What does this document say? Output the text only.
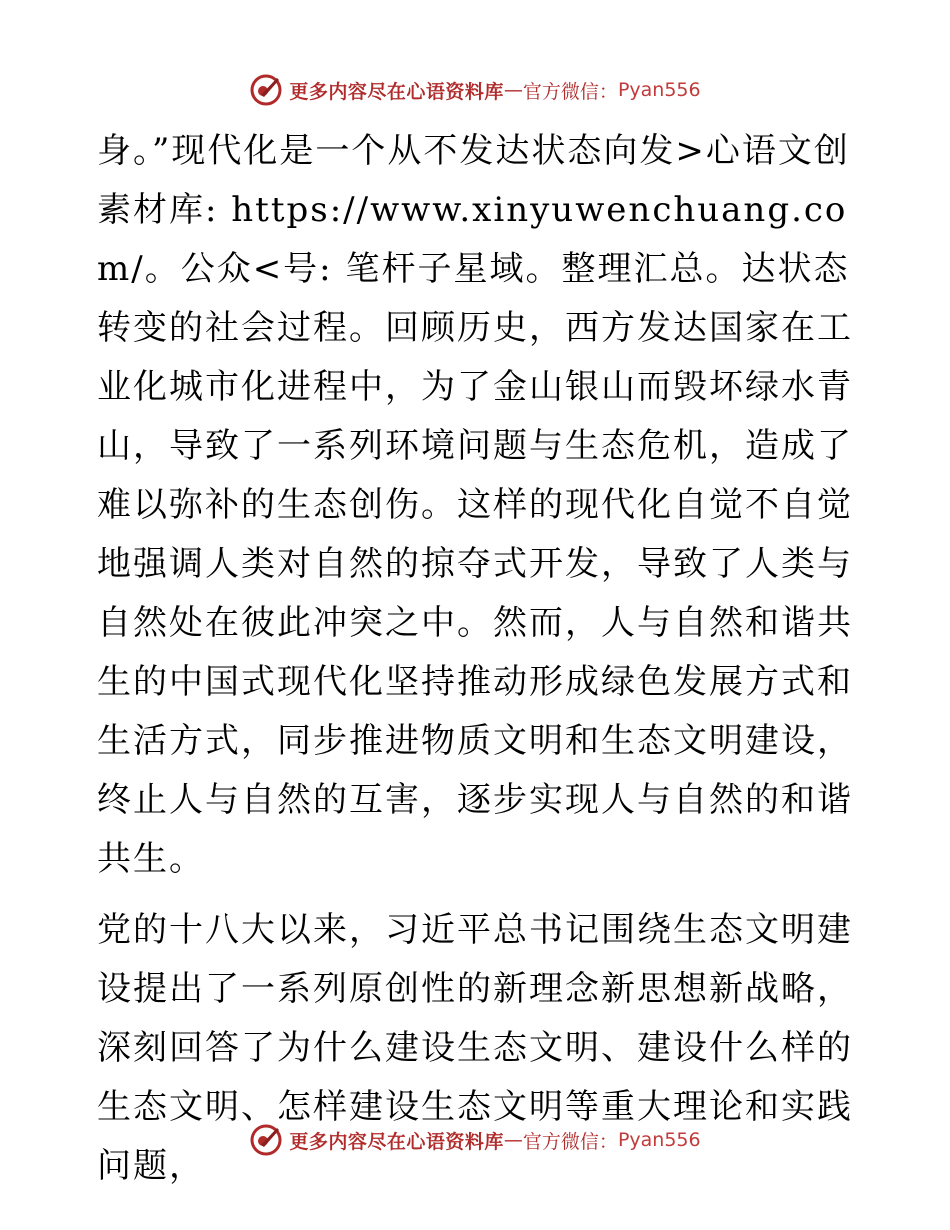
更多内容尽在心语资料库 — 官方微信： Pyan556

身。”现代化是一个从不发达状态向发>心语文创素材库: https://www.xinyuwenchuang.com/。公众<号: 笔杆子星域。整理汇总。达状态转变的社会过程。回顾历史，西方发达国家在工业化城市化进程中，为了金山银山而毁坏绿水青山，导致了一系列环境问题与生态危机，造成了难以弥补的生态创伤。这样的现代化自觉不自觉地强调人类对自然的掠夺式开发，导致了人类与自然处在彼此冲突之中。然而，人与自然和谐共生的中国式现代化坚持推动形成绿色发展方式和生活方式，同步推进物质文明和生态文明建设，终止人与自然的互害，逐步实现人与自然的和谐共生。

党的十八大以来，习近平总书记围绕生态文明建设提出了一系列原创性的新理念新思想新战略，深刻回答了为什么建设生态文明、建设什么样的生态文明、怎样建设生态文明等重大理论和实践问题，

更多内容尽在心语资料库 — 官方微信： Pyan556
